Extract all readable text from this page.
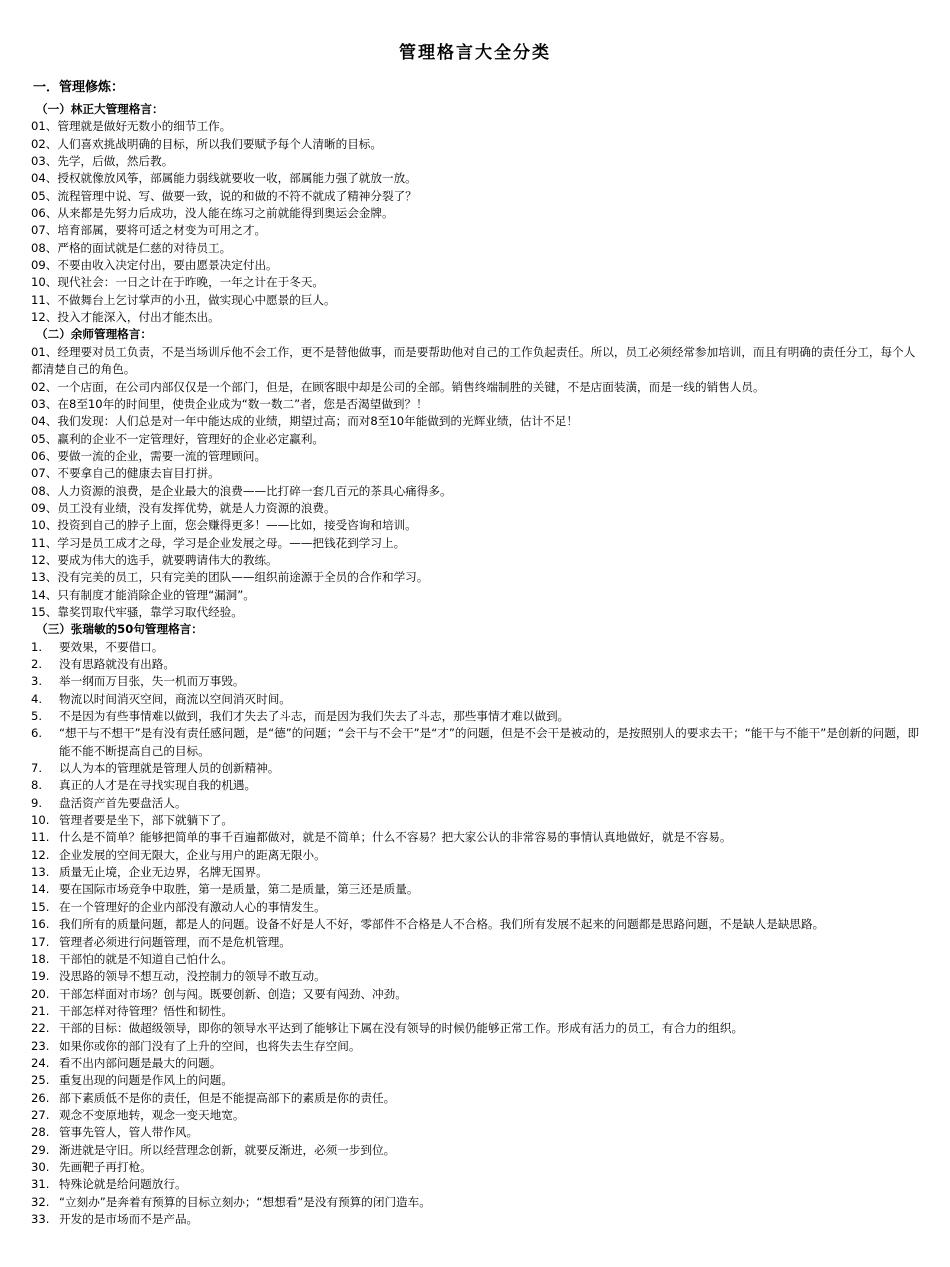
管理格言大全分类
一．管理修炼：
（一）林正大管理格言：
01、管理就是做好无数小的细节工作。
02、人们喜欢挑战明确的目标，所以我们要赋予每个人清晰的目标。
03、先学，后做，然后教。
04、授权就像放风筝，部属能力弱线就要收一收，部属能力强了就放一放。
05、流程管理中说、写、做要一致，说的和做的不符不就成了精神分裂了？
06、从来都是先努力后成功，没人能在练习之前就能得到奥运会金牌。
07、培育部属，要将可适之材变为可用之才。
08、严格的面试就是仁慈的对待员工。
09、不要由收入决定付出，要由愿景决定付出。
10、现代社会：一日之计在于昨晚，一年之计在于冬天。
11、不做舞台上乞讨掌声的小丑，做实现心中愿景的巨人。
12、投入才能深入，付出才能杰出。
（二）余师管理格言：
01、经理要对员工负责，不是当场训斥他不会工作，更不是替他做事，而是要帮助他对自己的工作负起责任。所以，员工必须经常参加培训，而且有明确的责任分工，每个人都清楚自己的角色。
02、一个店面，在公司内部仅仅是一个部门，但是，在顾客眼中却是公司的全部。销售终端制胜的关键，不是店面装潢，而是一线的销售人员。
03、在8至10年的时间里，使贵企业成为“数一数二”者，您是否渴望做到？！
04、我们发现：人们总是对一年中能达成的业绩，期望过高；而对8至10年能做到的光辉业绩，估计不足！
05、赢利的企业不一定管理好，管理好的企业必定赢利。
06、要做一流的企业，需要一流的管理顾问。
07、不要拿自己的健康去盲目打拼。
08、人力资源的浪费，是企业最大的浪费——比打碎一套几百元的茶具心痛得多。
09、员工没有业绩，没有发挥优势，就是人力资源的浪费。
10、投资到自己的脖子上面，您会赚得更多！——比如，接受咨询和培训。
11、学习是员工成才之母，学习是企业发展之母。——把钱花到学习上。
12、要成为伟大的选手，就要聘请伟大的教练。
13、没有完美的员工，只有完美的团队——组织前途源于全员的合作和学习。
14、只有制度才能消除企业的管理“漏洞”。
15、靠奖罚取代牢骚，靠学习取代经验。
（三）张瑞敏的50句管理格言：
1.	要效果，不要借口。
2.	没有思路就没有出路。
3.	举一纲而万目张，失一机而万事毁。
4.	物流以时间消灭空间，商流以空间消灭时间。
5.	不是因为有些事情难以做到，我们才失去了斗志，而是因为我们失去了斗志，那些事情才难以做到。
6.	“想干与不想干”是有没有责任感问题，是“德”的问题；“会干与不会干”是“才”的问题，但是不会干是被动的，是按照别人的要求去干；“能干与不能干”是创新的问题，即能不能不断提高自己的目标。
7.	以人为本的管理就是管理人员的创新精神。
8.	真正的人才是在寻找实现自我的机遇。
9.	盘活资产首先要盘活人。
10. 管理者要是坐下，部下就躺下了。
11. 什么是不简单？能够把简单的事千百遍都做对，就是不简单；什么不容易？把大家公认的非常容易的事情认真地做好，就是不容易。
12. 企业发展的空间无限大，企业与用户的距离无限小。
13. 质量无止境，企业无边界，名牌无国界。
14. 要在国际市场竞争中取胜，第一是质量，第二是质量，第三还是质量。
15. 在一个管理好的企业内部没有激动人心的事情发生。
16. 我们所有的质量问题，都是人的问题。设备不好是人不好，零部件不合格是人不合格。我们所有发展不起来的问题都是思路问题，不是缺人是缺思路。
17. 管理者必须进行问题管理，而不是危机管理。
18. 干部怕的就是不知道自己怕什么。
19. 没思路的领导不想互动，没控制力的领导不敢互动。
20. 干部怎样面对市场？创与闯。既要创新、创造；又要有闯劲、冲劲。
21. 干部怎样对待管理？悟性和韧性。
22. 干部的目标：做超级领导，即你的领导水平达到了能够让下属在没有领导的时候仍能够正常工作。形成有活力的员工，有合力的组织。
23. 如果你或你的部门没有了上升的空间，也将失去生存空间。
24. 看不出内部问题是最大的问题。
25. 重复出现的问题是作风上的问题。
26. 部下素质低不是你的责任，但是不能提高部下的素质是你的责任。
27. 观念不变原地转，观念一变天地宽。
28. 管事先管人，管人带作风。
29. 渐进就是守旧。所以经营理念创新，就要反渐进，必须一步到位。
30. 先画靶子再打枪。
31. 特殊论就是给问题放行。
32. “立刻办”是奔着有预算的目标立刻办；“想想看”是没有预算的闭门造车。
33. 开发的是市场而不是产品。
